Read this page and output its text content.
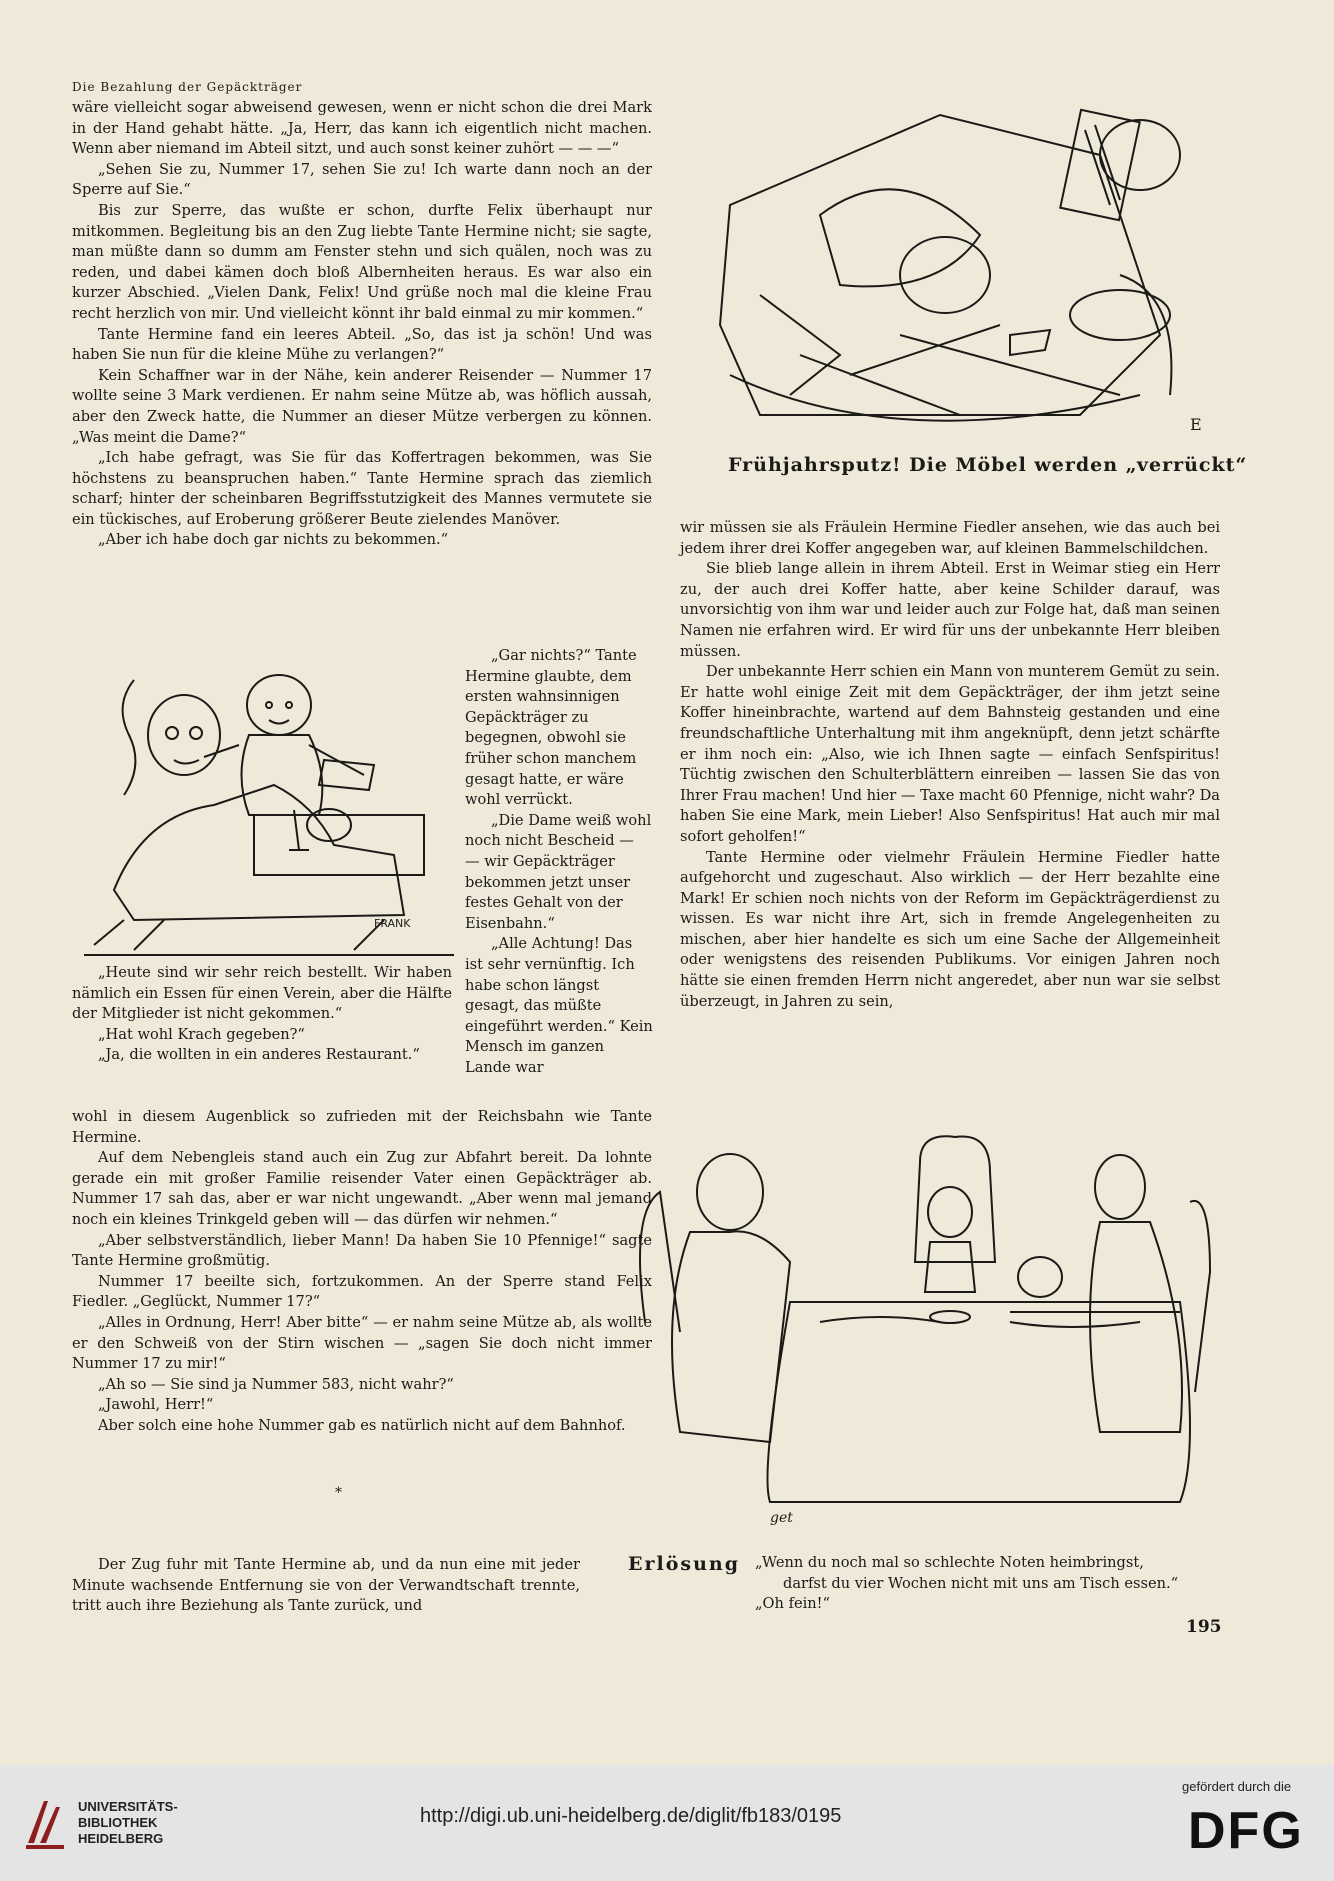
Die Bezahlung der Gepäckträger

wäre vielleicht sogar abweisend gewesen, wenn er nicht schon die drei Mark in der Hand gehabt hätte. „Ja, Herr, das kann ich eigentlich nicht machen. Wenn aber niemand im Abteil sitzt, und auch sonst keiner zuhört — — —“

„Sehen Sie zu, Nummer 17, sehen Sie zu! Ich warte dann noch an der Sperre auf Sie.“

Bis zur Sperre, das wußte er schon, durfte Felix überhaupt nur mitkommen. Begleitung bis an den Zug liebte Tante Hermine nicht; sie sagte, man müßte dann so dumm am Fenster stehn und sich quälen, noch was zu reden, und dabei kämen doch bloß Albernheiten heraus. Es war also ein kurzer Abschied. „Vielen Dank, Felix! Und grüße noch mal die kleine Frau recht herzlich von mir. Und vielleicht könnt ihr bald einmal zu mir kommen.“

Tante Hermine fand ein leeres Abteil. „So, das ist ja schön! Und was haben Sie nun für die kleine Mühe zu verlangen?“

Kein Schaffner war in der Nähe, kein anderer Reisender — Nummer 17 wollte seine 3 Mark verdienen. Er nahm seine Mütze ab, was höflich aussah, aber den Zweck hatte, die Nummer an dieser Mütze verbergen zu können. „Was meint die Dame?“

„Ich habe gefragt, was Sie für das Koffertragen bekommen, was Sie höchstens zu beanspruchen haben.“ Tante Hermine sprach das ziemlich scharf; hinter der scheinbaren Begriffsstutzigkeit des Mannes vermutete sie ein tückisches, auf Eroberung größerer Beute zielendes Manöver.

„Aber ich habe doch gar nichts zu bekommen.“

FRANK

„Heute sind wir sehr reich bestellt. Wir haben nämlich ein Essen für einen Verein, aber die Hälfte der Mitglieder ist nicht gekommen.“

„Hat wohl Krach gegeben?“

„Ja, die wollten in ein anderes Restaurant.“

„Gar nichts?“ Tante Hermine glaubte, dem ersten wahnsinnigen Gepäckträger zu begegnen, obwohl sie früher schon manchem gesagt hatte, er wäre wohl verrückt.

„Die Dame weiß wohl noch nicht Bescheid — — wir Gepäckträger bekommen jetzt unser festes Gehalt von der Eisenbahn.“

„Alle Achtung! Das ist sehr vernünftig. Ich habe schon längst gesagt, das müßte eingeführt werden.“ Kein Mensch im ganzen Lande war

wohl in diesem Augenblick so zufrieden mit der Reichsbahn wie Tante Hermine.

Auf dem Nebengleis stand auch ein Zug zur Abfahrt bereit. Da lohnte gerade ein mit großer Familie reisender Vater einen Gepäckträger ab. Nummer 17 sah das, aber er war nicht ungewandt. „Aber wenn mal jemand noch ein kleines Trinkgeld geben will — das dürfen wir nehmen.“

„Aber selbstverständlich, lieber Mann! Da haben Sie 10 Pfennige!“ sagte Tante Hermine großmütig.

Nummer 17 beeilte sich, fortzukommen. An der Sperre stand Felix Fiedler. „Geglückt, Nummer 17?“

„Alles in Ordnung, Herr! Aber bitte“ — er nahm seine Mütze ab, als wollte er den Schweiß von der Stirn wischen — „sagen Sie doch nicht immer Nummer 17 zu mir!“

„Ah so — Sie sind ja Nummer 583, nicht wahr?“

„Jawohl, Herr!“

Aber solch eine hohe Nummer gab es natürlich nicht auf dem Bahnhof.

*

Der Zug fuhr mit Tante Hermine ab, und da nun eine mit jeder Minute wachsende Entfernung sie von der Verwandtschaft trennte, tritt auch ihre Beziehung als Tante zurück, und

E
Frühjahrsputz! Die Möbel werden „verrückt“

wir müssen sie als Fräulein Hermine Fiedler ansehen, wie das auch bei jedem ihrer drei Koffer angegeben war, auf kleinen Bammelschildchen.

Sie blieb lange allein in ihrem Abteil. Erst in Weimar stieg ein Herr zu, der auch drei Koffer hatte, aber keine Schilder darauf, was unvorsichtig von ihm war und leider auch zur Folge hat, daß man seinen Namen nie erfahren wird. Er wird für uns der unbekannte Herr bleiben müssen.

Der unbekannte Herr schien ein Mann von munterem Gemüt zu sein. Er hatte wohl einige Zeit mit dem Gepäckträger, der ihm jetzt seine Koffer hineinbrachte, wartend auf dem Bahnsteig gestanden und eine freundschaftliche Unterhaltung mit ihm angeknüpft, denn jetzt schärfte er ihm noch ein: „Also, wie ich Ihnen sagte — einfach Senfspiritus! Tüchtig zwischen den Schulterblättern einreiben — lassen Sie das von Ihrer Frau machen! Und hier — Taxe macht 60 Pfennige, nicht wahr? Da haben Sie eine Mark, mein Lieber! Also Senfspiritus! Hat auch mir mal sofort geholfen!“

Tante Hermine oder vielmehr Fräulein Hermine Fiedler hatte aufgehorcht und zugeschaut. Also wirklich — der Herr bezahlte eine Mark! Er schien noch nichts von der Reform im Gepäckträgerdienst zu wissen. Es war nicht ihre Art, sich in fremde Angelegenheiten zu mischen, aber hier handelte es sich um eine Sache der Allgemeinheit oder wenigstens des reisenden Publikums. Vor einigen Jahren noch hätte sie einen fremden Herrn nicht angeredet, aber nun war sie selbst überzeugt, in Jahren zu sein,

get
Erlösung „Wenn du noch mal so schlechte Noten heimbringst,
darfst du vier Wochen nicht mit uns am Tisch essen.“
„Oh fein!“
195
UNIVERSITÄTS-
BIBLIOTHEK
HEIDELBERG
http://digi.ub.uni-heidelberg.de/diglit/fb183/0195
gefördert durch die
DFG
